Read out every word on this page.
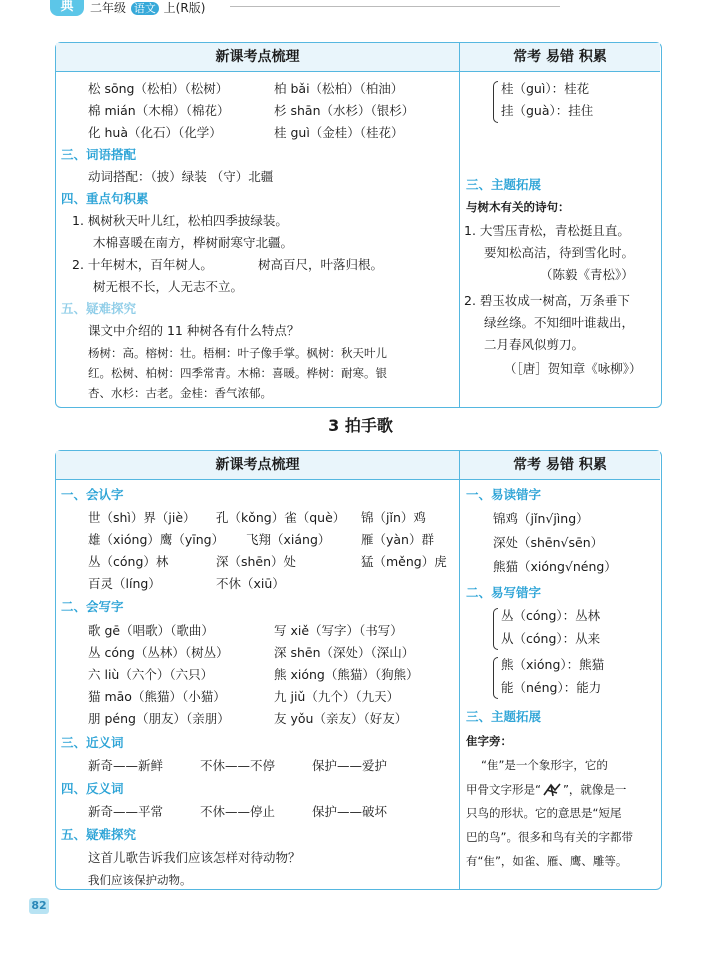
典	二年级 语文 上(R版)
新课考点梳理	常考 易错 积累
松 sōng（松柏）（松树）	柏 bǎi（松柏）（柏油）
棉 mián（木棉）（棉花）	杉 shān（水杉）（银杉）
化 huà（化石）（化学）	桂 guì（金桂）（桂花）
三、词语搭配
动词搭配：（披）绿装 （守）北疆
四、重点句积累
1. 枫树秋天叶儿红，松柏四季披绿装。
木棉喜暖在南方，桦树耐寒守北疆。
2. 十年树木，百年树人。	树高百尺，叶落归根。
树无根不长，人无志不立。
五、疑难探究
课文中介绍的 11 种树各有什么特点？
杨树：高。榕树：壮。梧桐：叶子像手掌。枫树：秋天叶儿
红。松树、柏树：四季常青。木棉：喜暖。桦树：耐寒。银
杏、水杉：古老。金桂：香气浓郁。
桂（guì）：桂花
挂（guà）：挂住
三、主题拓展
与树木有关的诗句：
1. 大雪压青松，青松挺且直。
要知松高洁，待到雪化时。
（陈毅《青松》）
2. 碧玉妆成一树高，万条垂下
绿丝绦。不知细叶谁裁出，
二月春风似剪刀。
（［唐］贺知章《咏柳》）
3 拍手歌
新课考点梳理	常考 易错 积累
一、会认字
世（shì）界（jiè） 孔（kǒng）雀（què） 锦（jǐn）鸡
雄（xióng）鹰（yīng） 飞翔（xiáng） 雁（yàn）群
丛（cóng）林	深（shēn）处	猛（měng）虎
百灵（líng）	不休（xiū）
二、会写字
歌 gē（唱歌）（歌曲）	写 xiě（写字）（书写）
丛 cóng（丛林）（树丛）	深 shēn（深处）（深山）
六 liù（六个）（六只）	熊 xióng（熊猫）（狗熊）
猫 māo（熊猫）（小猫）	九 jiǔ（九个）（九天）
朋 péng（朋友）（亲朋）	友 yǒu（亲友）（好友）
三、近义词
新奇——新鲜	不休——不停	保护——爱护
四、反义词
新奇——平常	不休——停止	保护——破坏
五、疑难探究
这首儿歌告诉我们应该怎样对待动物？
我们应该保护动物。
一、易读错字
锦鸡（jǐn√jìng）
深处（shēn√sēn）
熊猫（xióng√néng）
二、易写错字
丛（cóng）：丛林
从（cóng）：从来
熊（xióng）：熊猫
能（néng）：能力
三、主题拓展
隹字旁：
“隹”是一个象形字，它的
甲骨文字形是“ ”，就像是一
只鸟的形状。它的意思是“短尾
巴的鸟”。很多和鸟有关的字都带
有“隹”，如雀、雁、鹰、雕等。
82
